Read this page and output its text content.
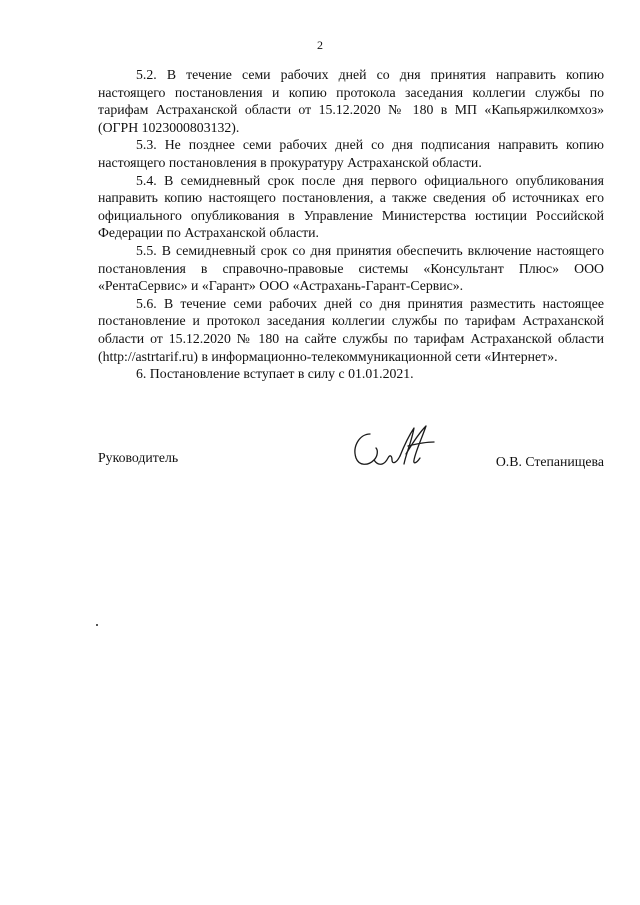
2

5.2. В течение семи рабочих дней со дня принятия направить копию настоящего постановления и копию протокола заседания коллегии службы по тарифам Астраханской области от 15.12.2020 № 180 в МП «Капьяржилкомхоз» (ОГРН 1023000803132).

5.3. Не позднее семи рабочих дней со дня подписания направить копию настоящего постановления в прокуратуру Астраханской области.

5.4. В семидневный срок после дня первого официального опубликования направить копию настоящего постановления, а также сведения об источниках его официального опубликования в Управление Министерства юстиции Российской Федерации по Астраханской области.

5.5. В семидневный срок со дня принятия обеспечить включение настоящего постановления в справочно-правовые системы «Консультант Плюс» ООО «РентаСервис» и «Гарант» ООО «Астрахань-Гарант-Сервис».

5.6. В течение семи рабочих дней со дня принятия разместить настоящее постановление и протокол заседания коллегии службы по тарифам Астраханской области от 15.12.2020 № 180 на сайте службы по тарифам Астраханской области (http://astrtarif.ru) в информационно-телекоммуникационной сети «Интернет».

6. Постановление вступает в силу с 01.01.2021.

Руководитель	О.В. Степанищева
